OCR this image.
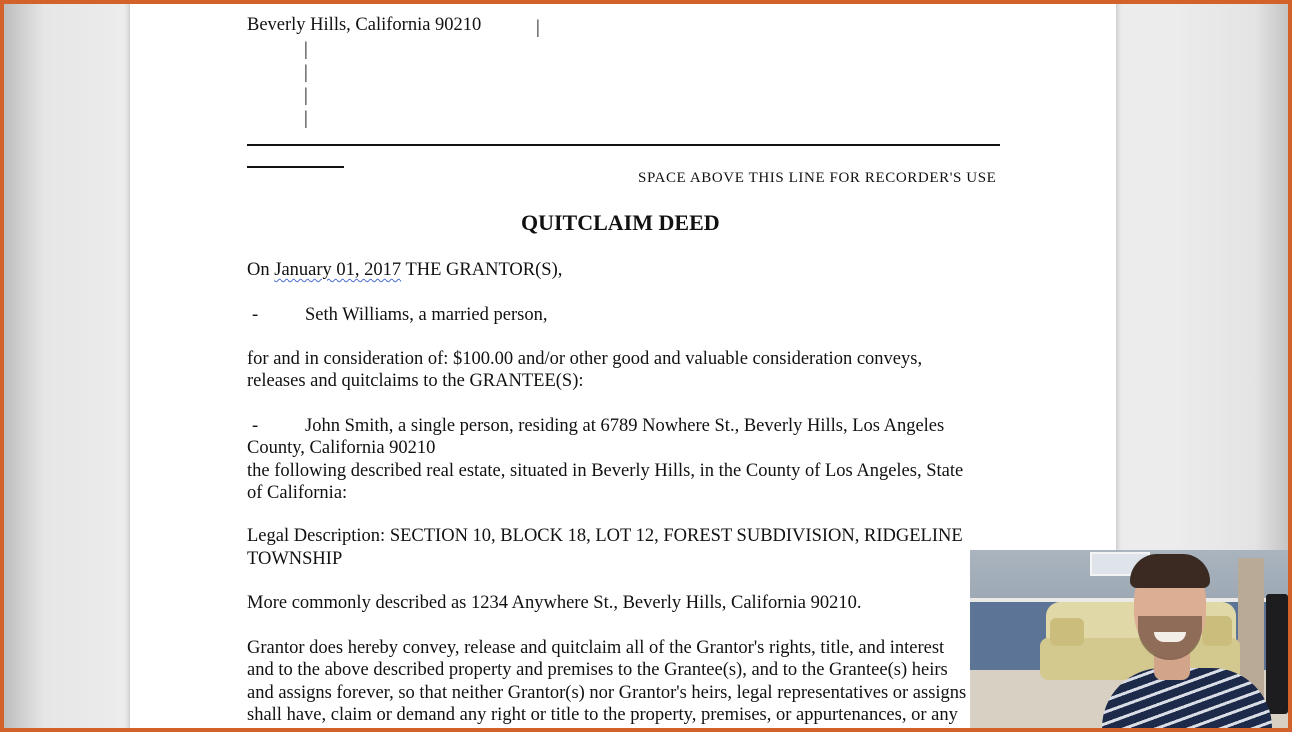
Beverly Hills, California 90210	|
|
|
|
|
SPACE ABOVE THIS LINE FOR RECORDER'S USE
QUITCLAIM DEED
On January 01, 2017 THE GRANTOR(S),
-	Seth Williams, a married person,
for and in consideration of: $100.00 and/or other good and valuable consideration conveys,
releases and quitclaims to the GRANTEE(S):
-	John Smith, a single person, residing at 6789 Nowhere St., Beverly Hills, Los Angeles
County, California 90210
the following described real estate, situated in Beverly Hills, in the County of Los Angeles, State
of California:
Legal Description: SECTION 10, BLOCK 18, LOT 12, FOREST SUBDIVISION, RIDGELINE
TOWNSHIP
More commonly described as 1234 Anywhere St., Beverly Hills, California 90210.
Grantor does hereby convey, release and quitclaim all of the Grantor's rights, title, and interest
and to the above described property and premises to the Grantee(s), and to the Grantee(s) heirs
and assigns forever, so that neither Grantor(s) nor Grantor's heirs, legal representatives or assigns
shall have, claim or demand any right or title to the property, premises, or appurtenances, or any
